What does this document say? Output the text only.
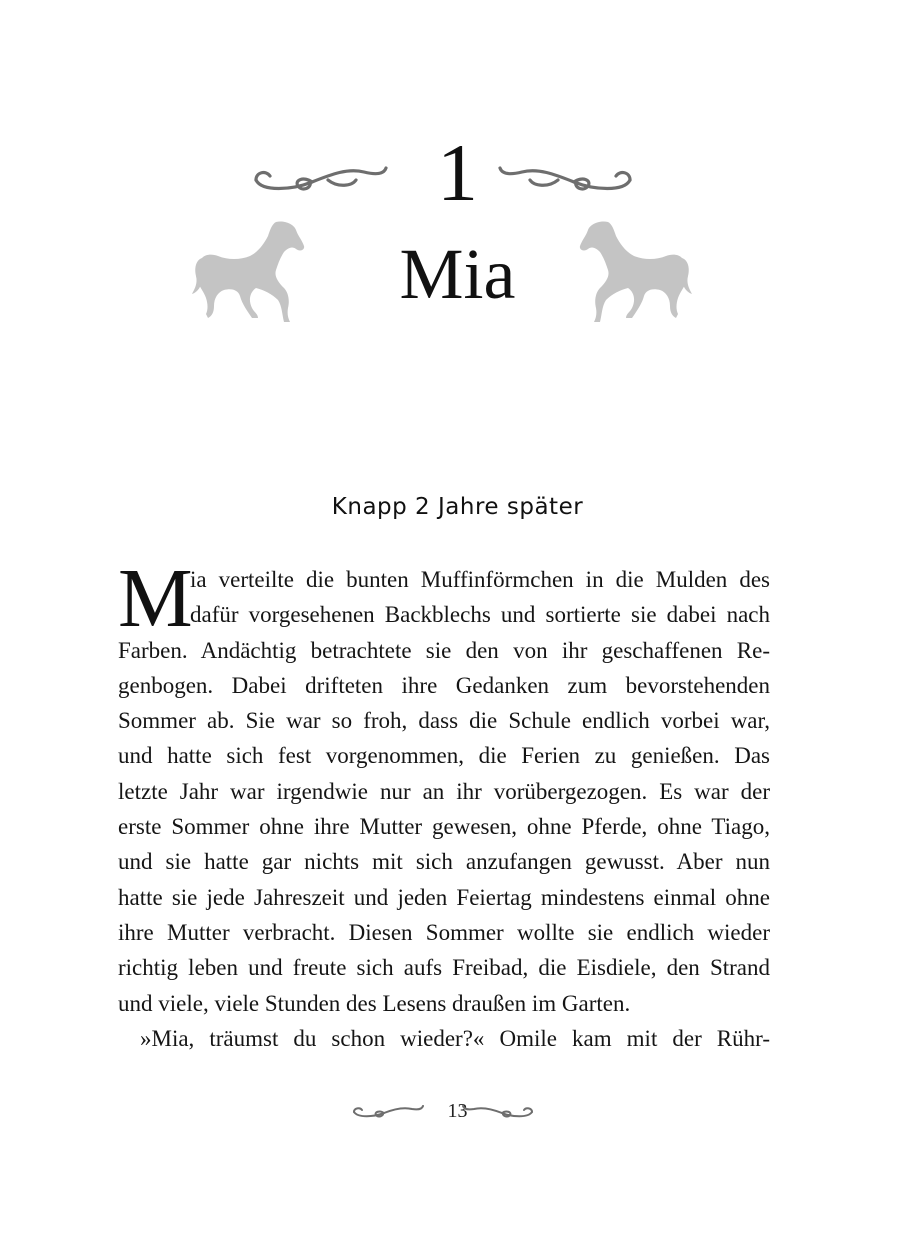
1
Mia
Knapp 2 Jahre später
M
ia verteilte die bunten Muffinförmchen in die Mulden des
dafür vorgesehenen Backblechs und sortierte sie dabei nach
Farben. Andächtig betrachtete sie den von ihr geschaffenen Re-
genbogen. Dabei drifteten ihre Gedanken zum bevorstehenden
Sommer ab. Sie war so froh, dass die Schule endlich vorbei war,
und hatte sich fest vorgenommen, die Ferien zu genießen. Das
letzte Jahr war irgendwie nur an ihr vorübergezogen. Es war der
erste Sommer ohne ihre Mutter gewesen, ohne Pferde, ohne Tiago,
und sie hatte gar nichts mit sich anzufangen gewusst. Aber nun
hatte sie jede Jahreszeit und jeden Feiertag mindestens einmal ohne
ihre Mutter verbracht. Diesen Sommer wollte sie endlich wieder
richtig leben und freute sich aufs Freibad, die Eisdiele, den Strand
und viele, viele Stunden des Lesens draußen im Garten.
»Mia, träumst du schon wieder?« Omile kam mit der Rühr-
13
